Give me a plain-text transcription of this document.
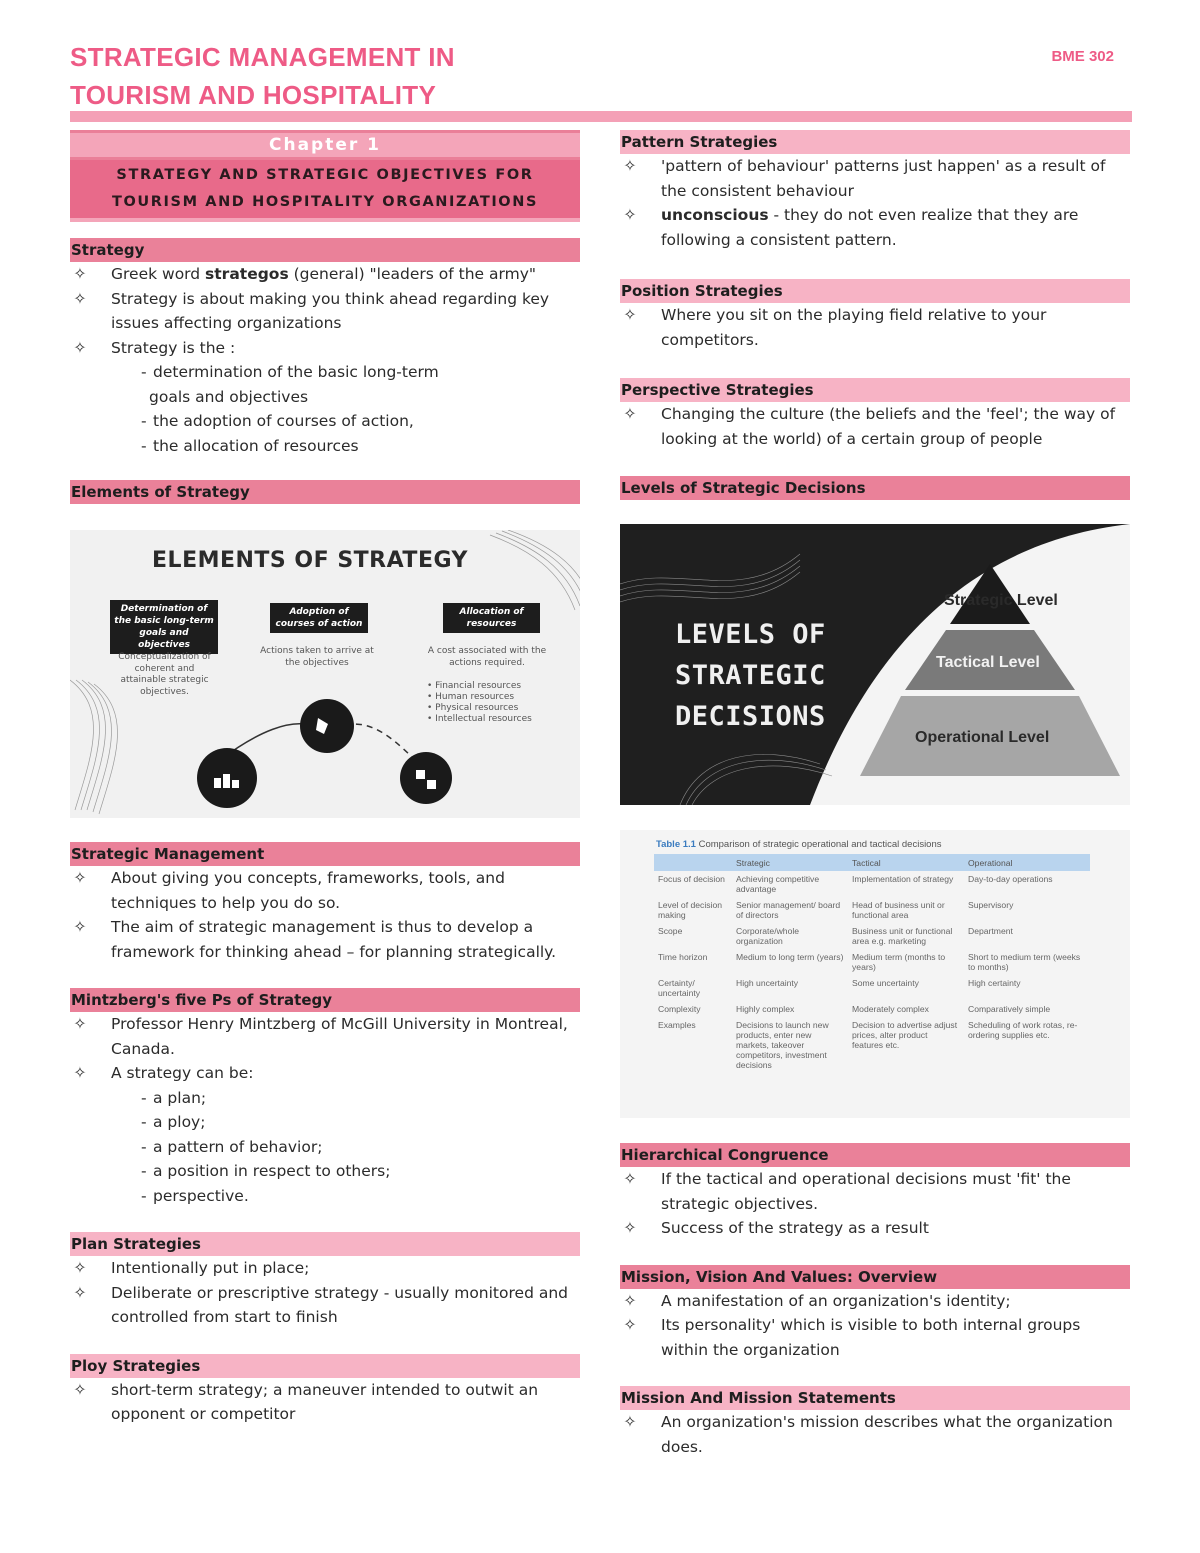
STRATEGIC MANAGEMENT IN
TOURISM AND HOSPITALITY
BME 302
Chapter 1
STRATEGY AND STRATEGIC OBJECTIVES FOR
TOURISM AND HOSPITALITY ORGANIZATIONS
Strategy
✧ Greek word strategos (general) "leaders of the army"
✧ Strategy is about making you think ahead regarding key issues affecting organizations
✧ Strategy is the :
- determination of the basic long-term
goals and objectives
- the adoption of courses of action,
- the allocation of resources
Elements of Strategy
ELEMENTS OF STRATEGY
Determination of the basic long-term goals and objectives
Adoption of courses of action
Allocation of resources
Conceptualization of coherent and attainable strategic objectives.
Actions taken to arrive at the objectives
A cost associated with the actions required.
• Financial resources
• Human resources
• Physical resources
• Intellectual resources
Strategic Management
✧ About giving you concepts, frameworks, tools, and techniques to help you do so.
✧ The aim of strategic management is thus to develop a framework for thinking ahead – for planning strategically.
Mintzberg's five Ps of Strategy
✧ Professor Henry Mintzberg of McGill University in Montreal, Canada.
✧ A strategy can be:
- a plan;
- a ploy;
- a pattern of behavior;
- a position in respect to others;
- perspective.
Plan Strategies
✧ Intentionally put in place;
✧ Deliberate or prescriptive strategy - usually monitored and controlled from start to finish
Ploy Strategies
✧ short-term strategy; a maneuver intended to outwit an opponent or competitor
Pattern Strategies
✧ 'pattern of behaviour' patterns just happen' as a result of the consistent behaviour
✧ unconscious - they do not even realize that they are following a consistent pattern.
Position Strategies
✧ Where you sit on the playing field relative to your competitors.
Perspective Strategies
✧ Changing the culture (the beliefs and the 'feel'; the way of looking at the world) of a certain group of people
Levels of Strategic Decisions
LEVELS OF
STRATEGIC
DECISIONS
Strategic Level
Tactical Level
Operational Level
Table 1.1 Comparison of strategic operational and tactical decisions
	Strategic	Tactical	Operational
Focus of decision	Achieving competitive advantage	Implementation of strategy	Day-to-day operations
Level of decision making	Senior management/ board of directors	Head of business unit or functional area	Supervisory
Scope	Corporate/whole organization	Business unit or functional area e.g. marketing	Department
Time horizon	Medium to long term (years)	Medium term (months to years)	Short to medium term (weeks to months)
Certainty/ uncertainty	High uncertainty	Some uncertainty	High certainty
Complexity	Highly complex	Moderately complex	Comparatively simple
Examples	Decisions to launch new products, enter new markets, takeover competitors, investment decisions	Decision to advertise adjust prices, alter product features etc.	Scheduling of work rotas, re-ordering supplies etc.
Hierarchical Congruence
✧ If the tactical and operational decisions must 'fit' the strategic objectives.
✧ Success of the strategy as a result
Mission, Vision And Values: Overview
✧ A manifestation of an organization's identity;
✧ Its personality' which is visible to both internal groups within the organization
Mission And Mission Statements
✧ An organization's mission describes what the organization does.
